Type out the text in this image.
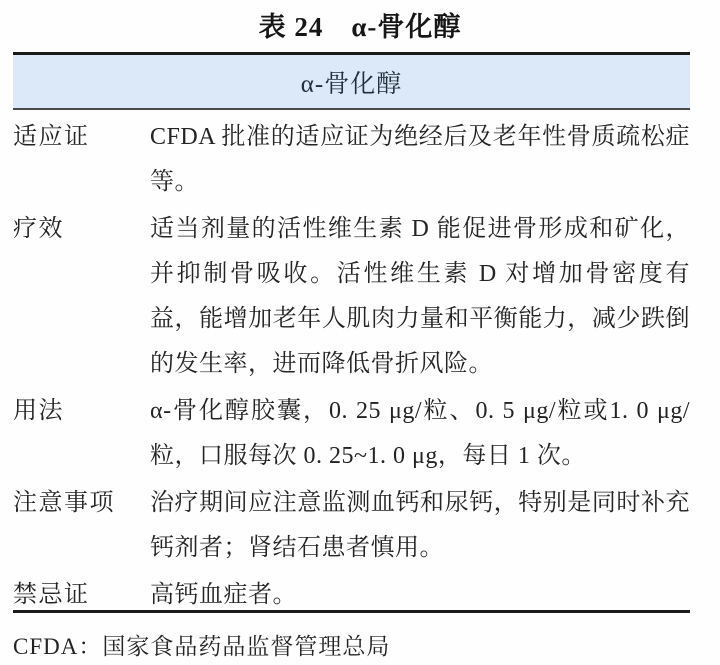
表 24　α-骨化醇
α-骨化醇
适应证	CFDA 批准的适应证为绝经后及老年性骨质疏松症等。
疗效	适当剂量的活性维生素 D 能促进骨形成和矿化，并抑制骨吸收。活性维生素 D 对增加骨密度有益，能增加老年人肌肉力量和平衡能力，减少跌倒的发生率，进而降低骨折风险。
用法	α-骨化醇胶囊，0. 25 μg/粒、0. 5 μg/粒或1. 0 μg/粒，口服每次 0. 25~1. 0 μg，每日 1 次。
注意事项	治疗期间应注意监测血钙和尿钙，特别是同时补充钙剂者；肾结石患者慎用。
禁忌证	高钙血症者。
CFDA：国家食品药品监督管理总局
